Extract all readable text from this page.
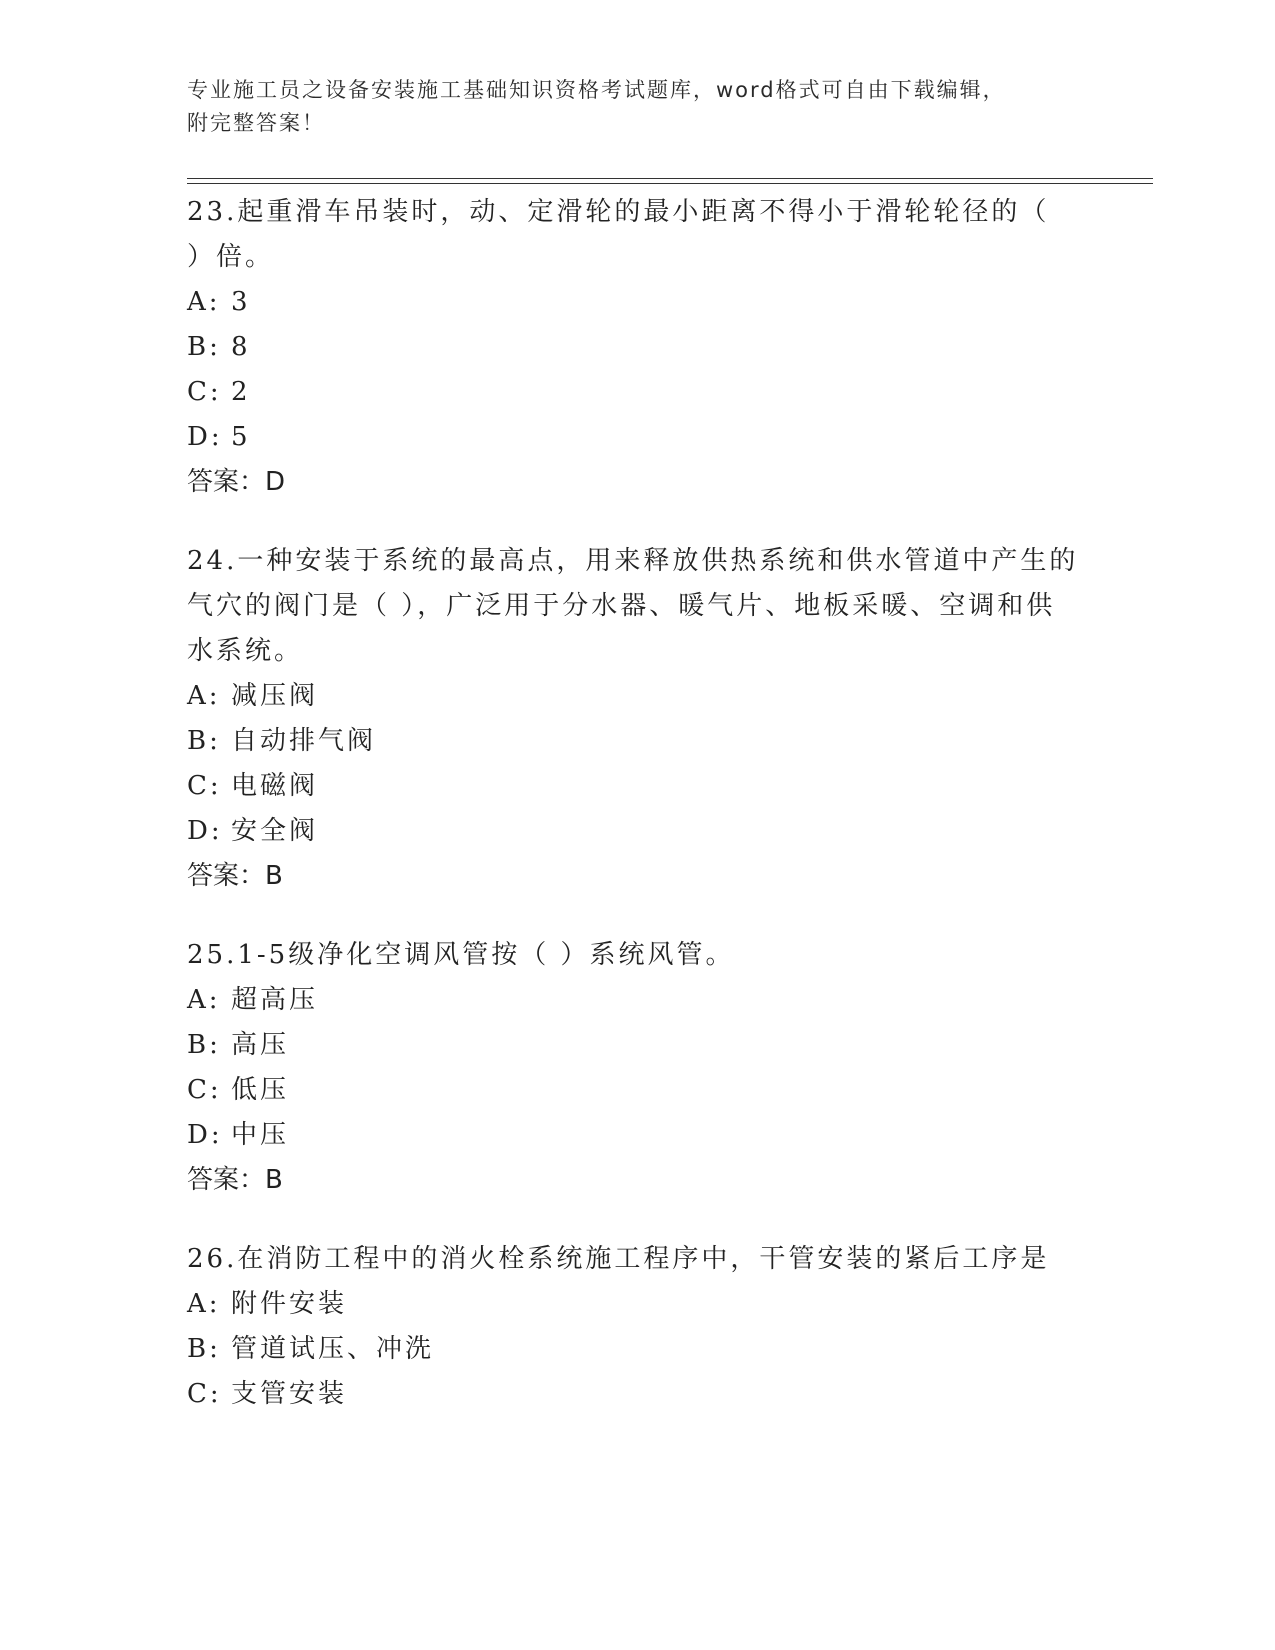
专业施工员之设备安装施工基础知识资格考试题库，word格式可自由下载编辑，
附完整答案！
23.起重滑车吊装时，动、定滑轮的最小距离不得小于滑轮轮径的（
）倍。
A: 3
B: 8
C: 2
D: 5
答案：D
24.一种安装于系统的最高点，用来释放供热系统和供水管道中产生的
气穴的阀门是（ ），广泛用于分水器、暖气片、地板采暖、空调和供
水系统。
A: 减压阀
B: 自动排气阀
C: 电磁阀
D: 安全阀
答案：B
25.1-5级净化空调风管按（ ）系统风管。
A: 超高压
B: 高压
C: 低压
D: 中压
答案：B
26.在消防工程中的消火栓系统施工程序中，干管安装的紧后工序是
A: 附件安装
B: 管道试压、冲洗
C: 支管安装
